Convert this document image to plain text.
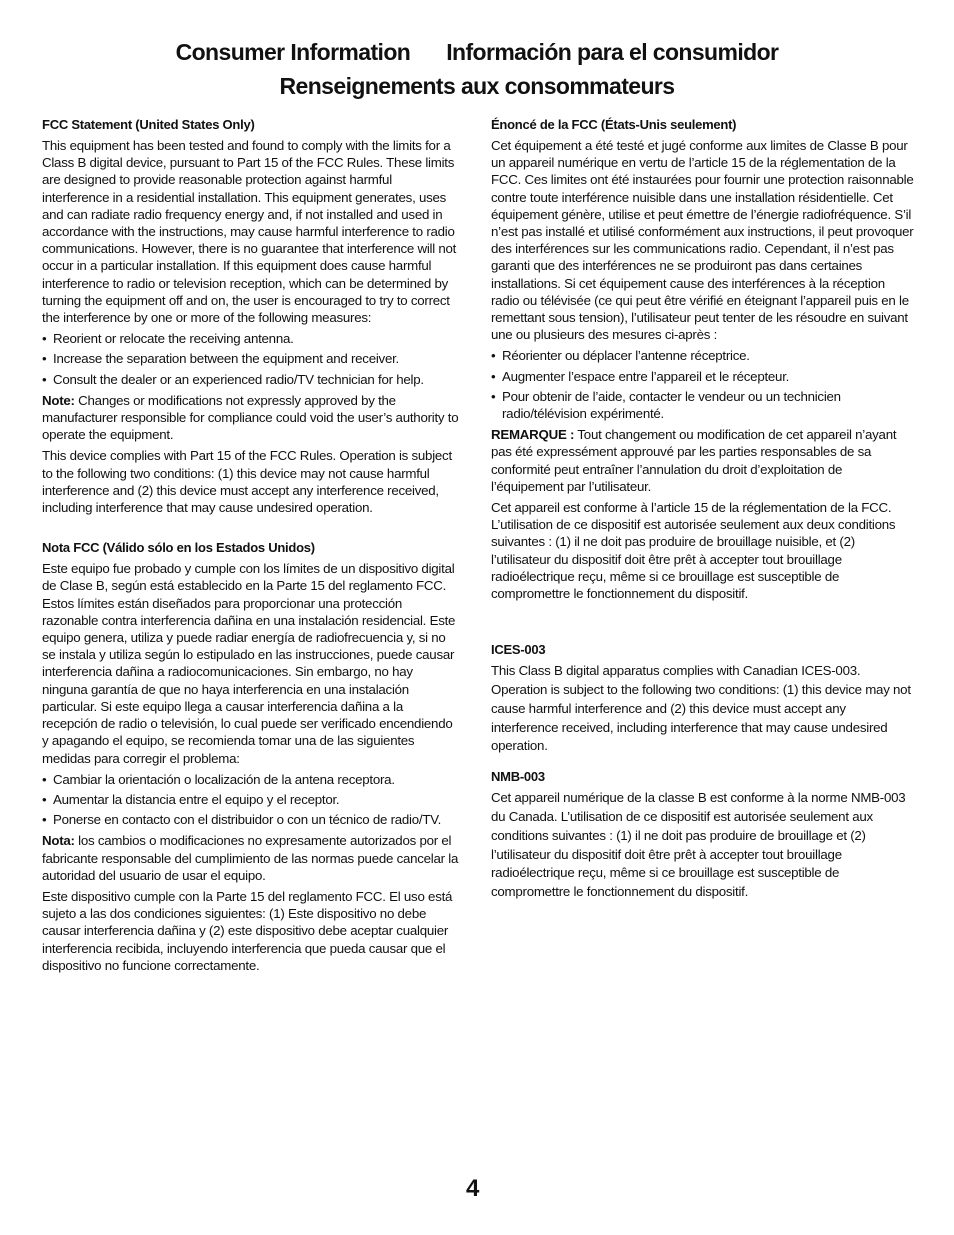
Consumer Information Información para el consumidor
Renseignements aux consommateurs
FCC Statement (United States Only)

This equipment has been tested and found to comply with the limits for a Class B digital device, pursuant to Part 15 of the FCC Rules. These limits are designed to provide reasonable protection against harmful interference in a residential installation. This equipment generates, uses and can radiate radio frequency energy and, if not installed and used in accordance with the instructions, may cause harmful interference to radio communications. However, there is no guarantee that interference will not occur in a particular installation. If this equipment does cause harmful interference to radio or television reception, which can be determined by turning the equipment off and on, the user is encouraged to try to correct the interference by one or more of the following measures:

• Reorient or relocate the receiving antenna.
• Increase the separation between the equipment and receiver.
• Consult the dealer or an experienced radio/TV technician for help.

Note: Changes or modifications not expressly approved by the manufacturer responsible for compliance could void the user’s authority to operate the equipment.

This device complies with Part 15 of the FCC Rules. Operation is subject to the following two conditions: (1) this device may not cause harmful interference and (2) this device must accept any interference received, including interference that may cause undesired operation.

Nota FCC (Válido sólo en los Estados Unidos)

Este equipo fue probado y cumple con los límites de un dispositivo digital de Clase B, según está establecido en la Parte 15 del reglamento FCC. Estos límites están diseñados para proporcionar una protección razonable contra interferencia dañina en una instalación residencial. Este equipo genera, utiliza y puede radiar energía de radiofrecuencia y, si no se instala y utiliza según lo estipulado en las instrucciones, puede causar interferencia dañina a radiocomunicaciones. Sin embargo, no hay ninguna garantía de que no haya interferencia en una instalación particular. Si este equipo llega a causar interferencia dañina a la recepción de radio o televisión, lo cual puede ser verificado encendiendo y apagando el equipo, se recomienda tomar una de las siguientes medidas para corregir el problema:

• Cambiar la orientación o localización de la antena receptora.
• Aumentar la distancia entre el equipo y el receptor.
• Ponerse en contacto con el distribuidor o con un técnico de radio/TV.

Nota: los cambios o modificaciones no expresamente autorizados por el fabricante responsable del cumplimiento de las normas puede cancelar la autoridad del usuario de usar el equipo.

Este dispositivo cumple con la Parte 15 del reglamento FCC. El uso está sujeto a las dos condiciones siguientes: (1) Este dispositivo no debe causar interferencia dañina y (2) este dispositivo debe aceptar cualquier interferencia recibida, incluyendo interferencia que pueda causar que el dispositivo no funcione correctamente.

Énoncé de la FCC (États-Unis seulement)

Cet équipement a été testé et jugé conforme aux limites de Classe B pour un appareil numérique en vertu de l’article 15 de la réglementation de la FCC. Ces limites ont été instaurées pour fournir une protection raisonnable contre toute interférence nuisible dans une installation résidentielle. Cet équipement génère, utilise et peut émettre de l’énergie radiofréquence. S’il n’est pas installé et utilisé conformément aux instructions, il peut provoquer des interférences sur les communications radio. Cependant, il n’est pas garanti que des interférences ne se produiront pas dans certaines installations. Si cet équipement cause des interférences à la réception radio ou télévisée (ce qui peut être vérifié en éteignant l’appareil puis en le remettant sous tension), l’utilisateur peut tenter de les résoudre en suivant une ou plusieurs des mesures ci-après :

• Réorienter ou déplacer l’antenne réceptrice.
• Augmenter l’espace entre l’appareil et le récepteur.
• Pour obtenir de l’aide, contacter le vendeur ou un technicien radio/télévision expérimenté.

REMARQUE : Tout changement ou modification de cet appareil n’ayant pas été expressément approuvé par les parties responsables de sa conformité peut entraîner l’annulation du droit d’exploitation de l’équipement par l’utilisateur.

Cet appareil est conforme à l’article 15 de la réglementation de la FCC. L’utilisation de ce dispositif est autorisée seulement aux deux conditions suivantes : (1) il ne doit pas produire de brouillage nuisible, et (2) l’utilisateur du dispositif doit être prêt à accepter tout brouillage radioélectrique reçu, même si ce brouillage est susceptible de compromettre le fonctionnement du dispositif.

ICES-003

This Class B digital apparatus complies with Canadian ICES-003. Operation is subject to the following two conditions: (1) this device may not cause harmful interference and (2) this device must accept any interference received, including interference that may cause undesired operation.

NMB-003

Cet appareil numérique de la classe B est conforme à la norme NMB-003 du Canada. L’utilisation de ce dispositif est autorisée seulement aux conditions suivantes : (1) il ne doit pas produire de brouillage et (2) l’utilisateur du dispositif doit être prêt à accepter tout brouillage radioélectrique reçu, même si ce brouillage est susceptible de compromettre le fonctionnement du dispositif.

4
